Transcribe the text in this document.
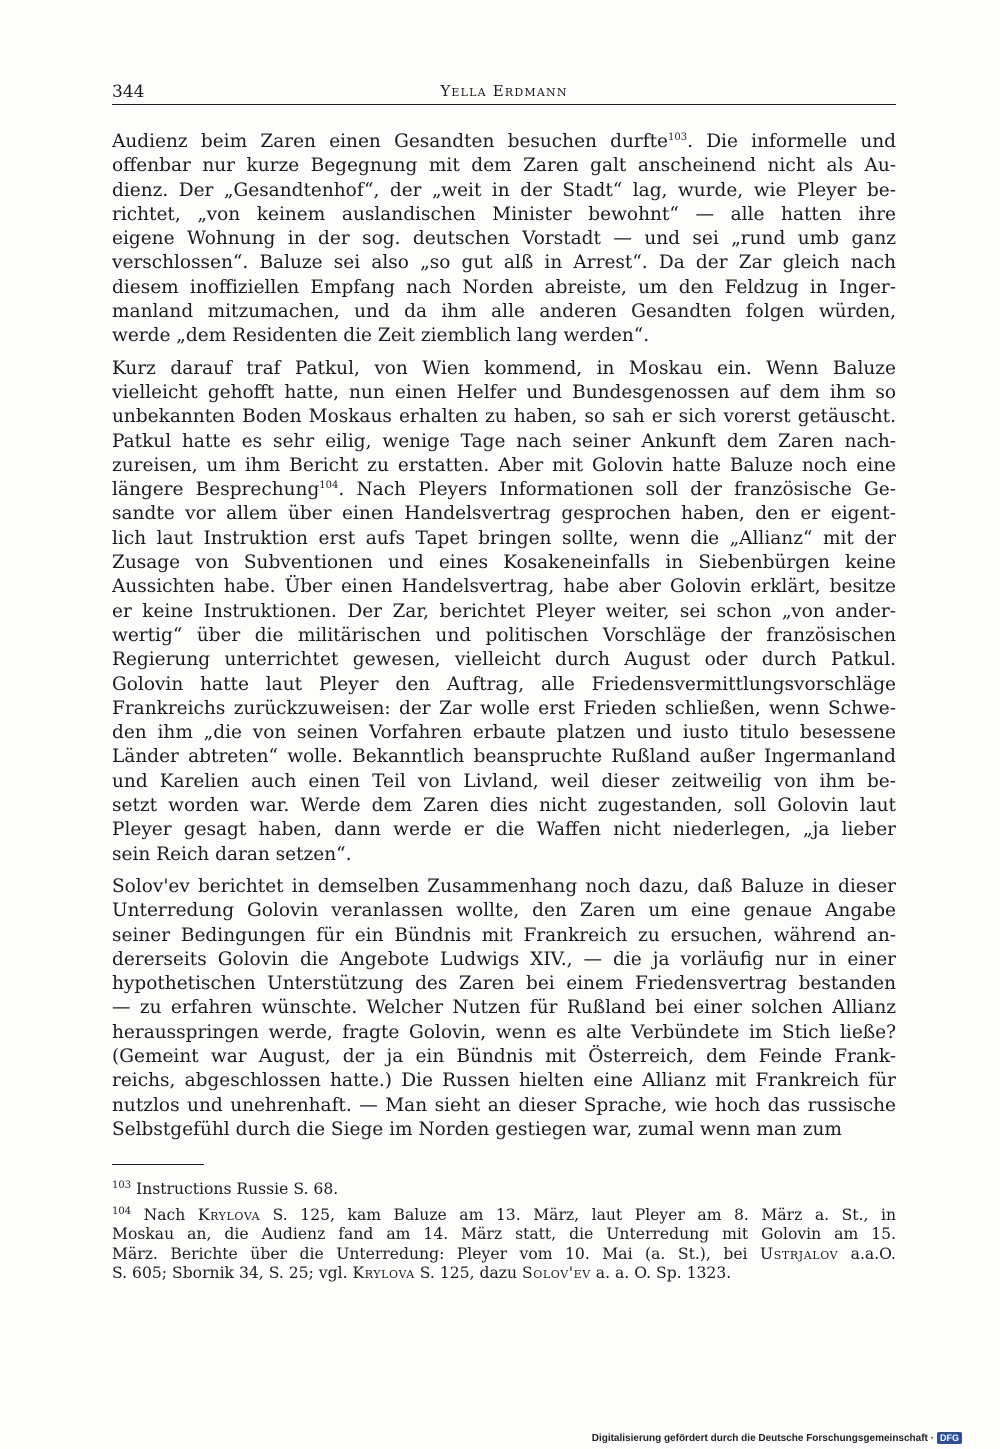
344	Yella Erdmann
Audienz beim Zaren einen Gesandten besuchen durfte$^{103}$. Die informelle und
offenbar nur kurze Begegnung mit dem Zaren galt anscheinend nicht als Au-
dienz. Der „Gesandtenhof“, der „weit in der Stadt“ lag, wurde, wie Pleyer be-
richtet, „von keinem auslandischen Minister bewohnt“ — alle hatten ihre
eigene Wohnung in der sog. deutschen Vorstadt — und sei „rund umb ganz
verschlossen“. Baluze sei also „so gut alß in Arrest“. Da der Zar gleich nach
diesem inoffiziellen Empfang nach Norden abreiste, um den Feldzug in Inger-
manland mitzumachen, und da ihm alle anderen Gesandten folgen würden,
werde „dem Residenten die Zeit ziemblich lang werden“.
Kurz darauf traf Patkul, von Wien kommend, in Moskau ein. Wenn Baluze
vielleicht gehofft hatte, nun einen Helfer und Bundesgenossen auf dem ihm so
unbekannten Boden Moskaus erhalten zu haben, so sah er sich vorerst getäuscht.
Patkul hatte es sehr eilig, wenige Tage nach seiner Ankunft dem Zaren nach-
zureisen, um ihm Bericht zu erstatten. Aber mit Golovin hatte Baluze noch eine
längere Besprechung$^{104}$. Nach Pleyers Informationen soll der französische Ge-
sandte vor allem über einen Handelsvertrag gesprochen haben, den er eigent-
lich laut Instruktion erst aufs Tapet bringen sollte, wenn die „Allianz“ mit der
Zusage von Subventionen und eines Kosakeneinfalls in Siebenbürgen keine
Aussichten habe. Über einen Handelsvertrag, habe aber Golovin erklärt, besitze
er keine Instruktionen. Der Zar, berichtet Pleyer weiter, sei schon „von ander-
wertig“ über die militärischen und politischen Vorschläge der französischen
Regierung unterrichtet gewesen, vielleicht durch August oder durch Patkul.
Golovin hatte laut Pleyer den Auftrag, alle Friedensvermittlungsvorschläge
Frankreichs zurückzuweisen: der Zar wolle erst Frieden schließen, wenn Schwe-
den ihm „die von seinen Vorfahren erbaute platzen und iusto titulo besessene
Länder abtreten“ wolle. Bekanntlich beanspruchte Rußland außer Ingermanland
und Karelien auch einen Teil von Livland, weil dieser zeitweilig von ihm be-
setzt worden war. Werde dem Zaren dies nicht zugestanden, soll Golovin laut
Pleyer gesagt haben, dann werde er die Waffen nicht niederlegen, „ja lieber
sein Reich daran setzen“.
Solov'ev berichtet in demselben Zusammenhang noch dazu, daß Baluze in dieser
Unterredung Golovin veranlassen wollte, den Zaren um eine genaue Angabe
seiner Bedingungen für ein Bündnis mit Frankreich zu ersuchen, während an-
dererseits Golovin die Angebote Ludwigs XIV., — die ja vorläufig nur in einer
hypothetischen Unterstützung des Zaren bei einem Friedensvertrag bestanden
— zu erfahren wünschte. Welcher Nutzen für Rußland bei einer solchen Allianz
herausspringen werde, fragte Golovin, wenn es alte Verbündete im Stich ließe?
(Gemeint war August, der ja ein Bündnis mit Österreich, dem Feinde Frank-
reichs, abgeschlossen hatte.) Die Russen hielten eine Allianz mit Frankreich für
nutzlos und unehrenhaft. — Man sieht an dieser Sprache, wie hoch das russische
Selbstgefühl durch die Siege im Norden gestiegen war, zumal wenn man zum
$^{103}$ Instructions Russie S. 68.
$^{104}$ Nach Krylova S. 125, kam Baluze am 13. März, laut Pleyer am 8. März a. St., in
Moskau an, die Audienz fand am 14. März statt, die Unterredung mit Golovin am 15.
März. Berichte über die Unterredung: Pleyer vom 10. Mai (a. St.), bei Ustrjalov a.a.O.
S. 605; Sbornik 34, S. 25; vgl. Krylova S. 125, dazu Solov'ev a. a. O. Sp. 1323.
Digitalisierung gefördert durch die Deutsche Forschungsgemeinschaft · DFG
